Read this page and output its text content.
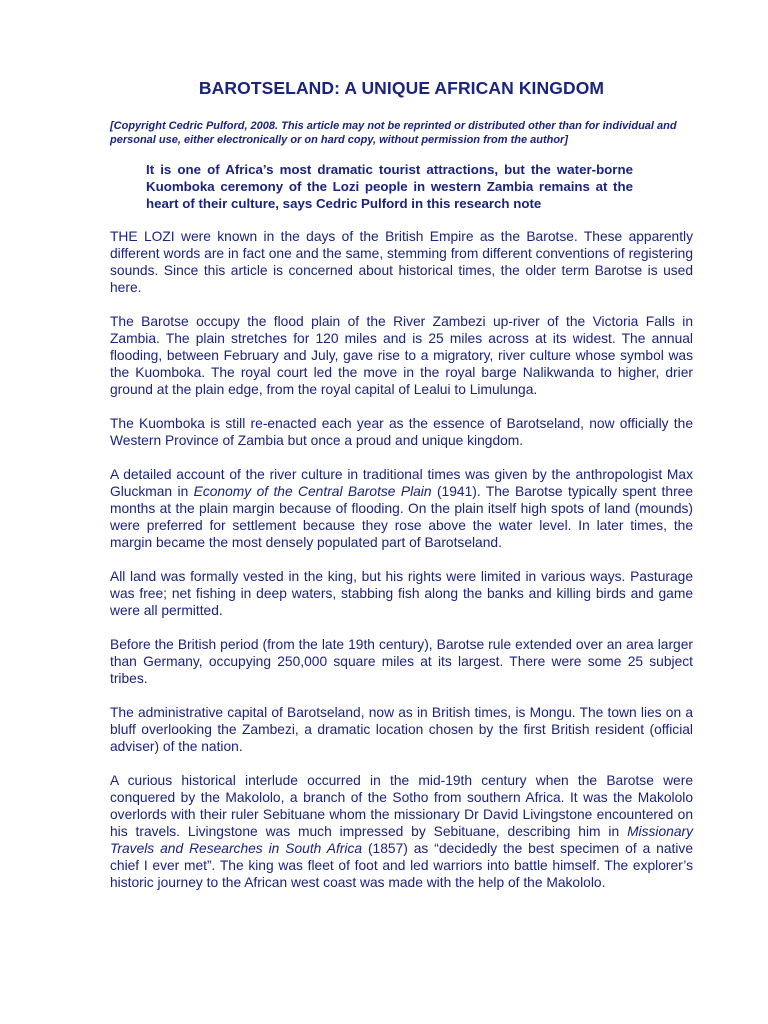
BAROTSELAND: A UNIQUE AFRICAN KINGDOM

[Copyright Cedric Pulford, 2008. This article may not be reprinted or distributed other than for individual and personal use, either electronically or on hard copy, without permission from the author]

It is one of Africa’s most dramatic tourist attractions, but the water-borne Kuomboka ceremony of the Lozi people in western Zambia remains at the heart of their culture, says Cedric Pulford in this research note

THE LOZI were known in the days of the British Empire as the Barotse. These apparently different words are in fact one and the same, stemming from different conventions of registering sounds. Since this article is concerned about historical times, the older term Barotse is used here.

The Barotse occupy the flood plain of the River Zambezi up-river of the Victoria Falls in Zambia. The plain stretches for 120 miles and is 25 miles across at its widest. The annual flooding, between February and July, gave rise to a migratory, river culture whose symbol was the Kuomboka. The royal court led the move in the royal barge Nalikwanda to higher, drier ground at the plain edge, from the royal capital of Lealui to Limulunga.

The Kuomboka is still re-enacted each year as the essence of Barotseland, now officially the Western Province of Zambia but once a proud and unique kingdom.

A detailed account of the river culture in traditional times was given by the anthropologist Max Gluckman in Economy of the Central Barotse Plain (1941). The Barotse typically spent three months at the plain margin because of flooding. On the plain itself high spots of land (mounds) were preferred for settlement because they rose above the water level. In later times, the margin became the most densely populated part of Barotseland.

All land was formally vested in the king, but his rights were limited in various ways. Pasturage was free; net fishing in deep waters, stabbing fish along the banks and killing birds and game were all permitted.

Before the British period (from the late 19th century), Barotse rule extended over an area larger than Germany, occupying 250,000 square miles at its largest. There were some 25 subject tribes.

The administrative capital of Barotseland, now as in British times, is Mongu. The town lies on a bluff overlooking the Zambezi, a dramatic location chosen by the first British resident (official adviser) of the nation.

A curious historical interlude occurred in the mid-19th century when the Barotse were conquered by the Makololo, a branch of the Sotho from southern Africa. It was the Makololo overlords with their ruler Sebituane whom the missionary Dr David Livingstone encountered on his travels. Livingstone was much impressed by Sebituane, describing him in Missionary Travels and Researches in South Africa (1857) as “decidedly the best specimen of a native chief I ever met”. The king was fleet of foot and led warriors into battle himself. The explorer’s historic journey to the African west coast was made with the help of the Makololo.
